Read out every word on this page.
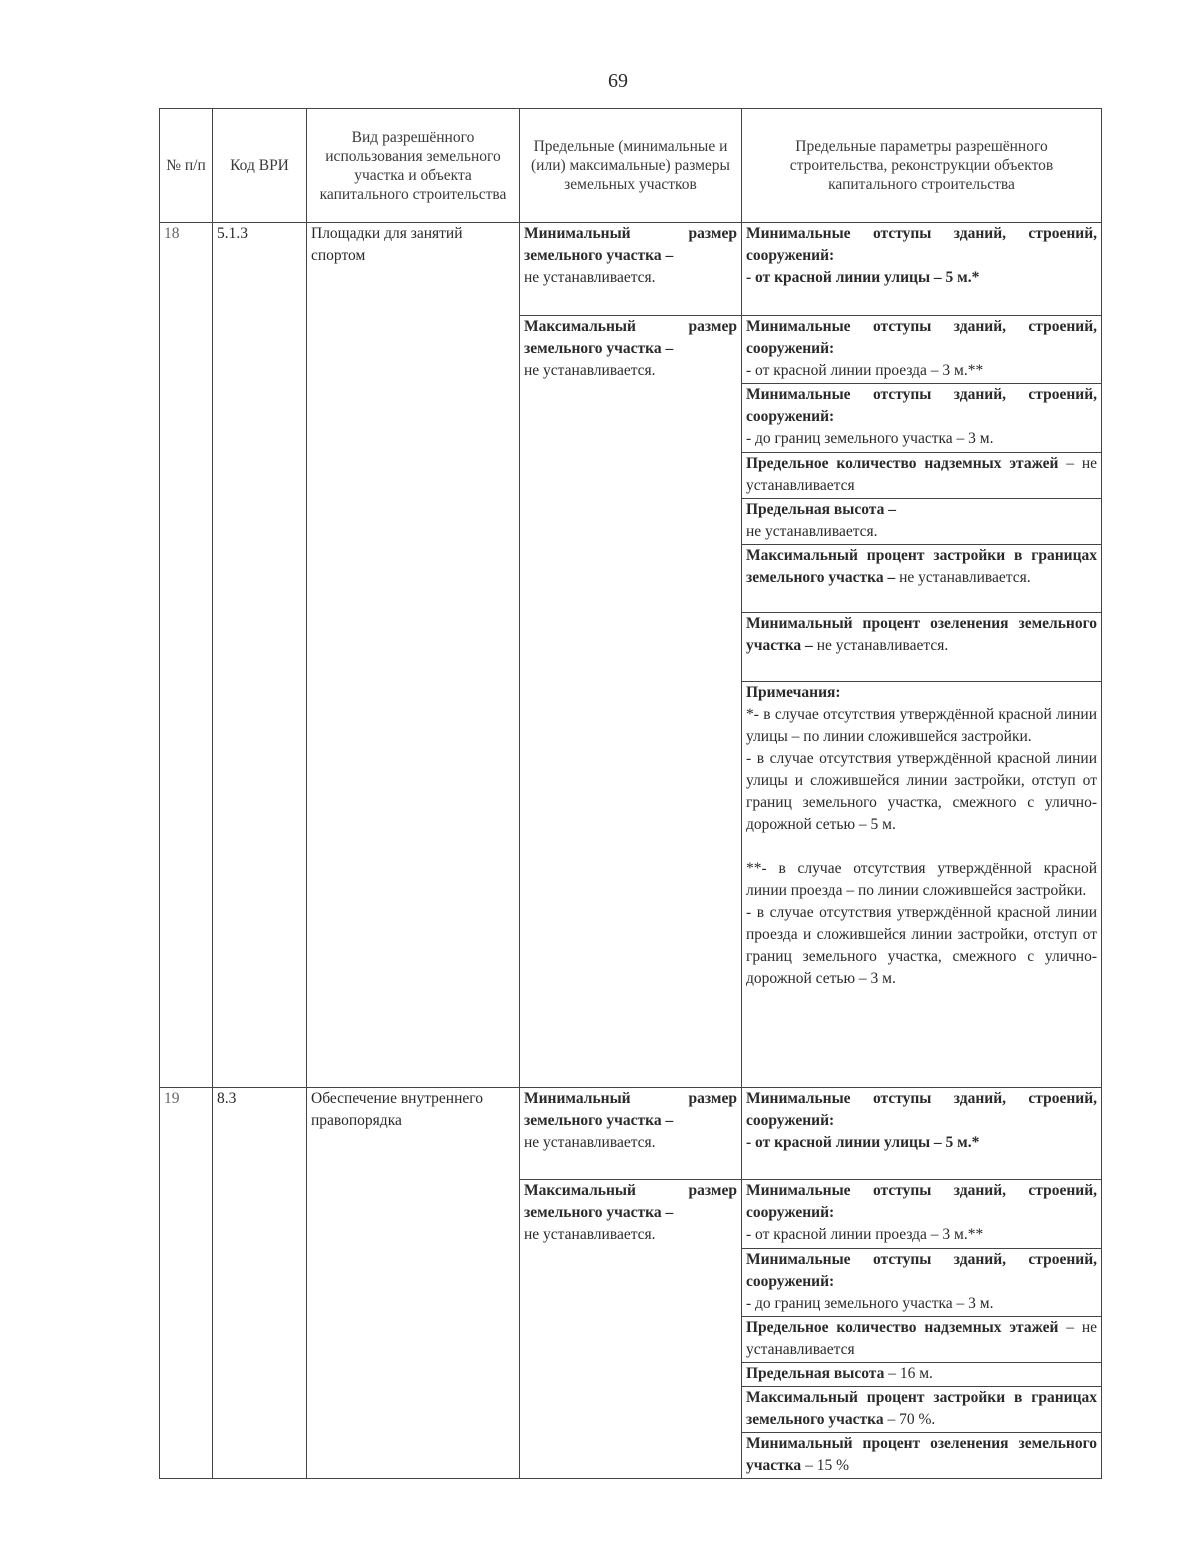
69
№ п/п	Код ВРИ	Вид разрешённого использования земельного участка и объекта капитального строительства	Предельные (минимальные и (или) максимальные) размеры земельных участков	Предельные параметры разрешённого строительства, реконструкции объектов капитального строительства
18	5.1.3	Площадки для занятий спортом	Минимальный размер земельного участка –
не устанавливается.	Минимальные отступы зданий, строений, сооружений:
- от красной линии улицы – 5 м.*
			Максимальный размер земельного участка –
не устанавливается.	Минимальные отступы зданий, строений, сооружений:
- от красной линии проезда – 3 м.**
				Минимальные отступы зданий, строений, сооружений:
- до границ земельного участка – 3 м.
				Предельное количество надземных этажей – не устанавливается
				Предельная высота –
не устанавливается.
				Максимальный процент застройки в границах земельного участка – не устанавливается.
				Минимальный процент озеленения земельного участка – не устанавливается.

				Примечания:
*- в случае отсутствия утверждённой красной линии улицы – по линии сложившейся застройки.
- в случае отсутствия утверждённой красной линии улицы и сложившейся линии застройки, отступ от границ земельного участка, смежного с улично-дорожной сетью – 5 м.
**- в случае отсутствия утверждённой красной линии проезда – по линии сложившейся застройки.
- в случае отсутствия утверждённой красной линии проезда и сложившейся линии застройки, отступ от границ земельного участка, смежного с улично-дорожной сетью – 3 м.

19	8.3	Обеспечение внутреннего правопорядка	Минимальный размер земельного участка –
не устанавливается.	Минимальные отступы зданий, строений, сооружений:
- от красной линии улицы – 5 м.*
			Максимальный размер земельного участка –
не устанавливается.	Минимальные отступы зданий, строений, сооружений:
- от красной линии проезда – 3 м.**
				Минимальные отступы зданий, строений, сооружений:
- до границ земельного участка – 3 м.
				Предельное количество надземных этажей – не устанавливается
				Предельная высота – 16 м.
				Максимальный процент застройки в границах земельного участка – 70 %.
				Минимальный процент озеленения земельного участка – 15 %
